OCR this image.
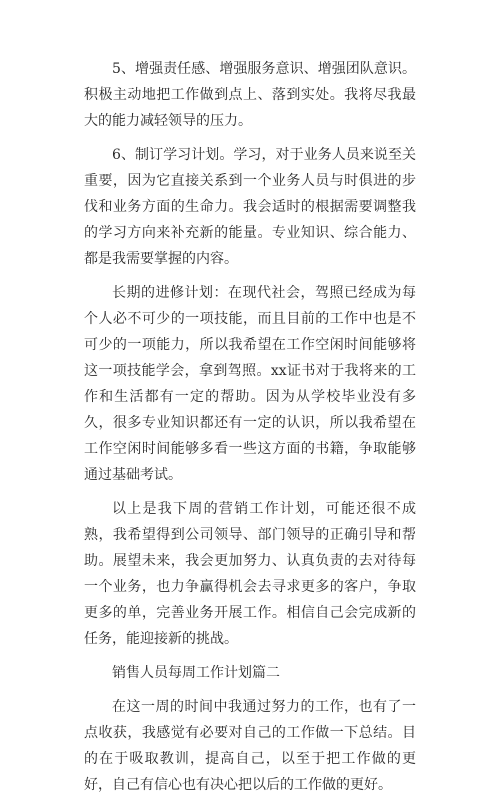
5、增强责任感、增强服务意识、增强团队意识。积极主动地把工作做到点上、落到实处。我将尽我最大的能力减轻领导的压力。

6、制订学习计划。学习，对于业务人员来说至关重要，因为它直接关系到一个业务人员与时俱进的步伐和业务方面的生命力。我会适时的根据需要调整我的学习方向来补充新的能量。专业知识、综合能力、都是我需要掌握的内容。

长期的进修计划：在现代社会，驾照已经成为每个人必不可少的一项技能，而且目前的工作中也是不可少的一项能力，所以我希望在工作空闲时间能够将这一项技能学会，拿到驾照。xx证书对于我将来的工作和生活都有一定的帮助。因为从学校毕业没有多久，很多专业知识都还有一定的认识，所以我希望在工作空闲时间能够多看一些这方面的书籍，争取能够通过基础考试。

以上是我下周的营销工作计划，可能还很不成熟，我希望得到公司领导、部门领导的正确引导和帮助。展望未来，我会更加努力、认真负责的去对待每一个业务，也力争赢得机会去寻求更多的客户，争取更多的单，完善业务开展工作。相信自己会完成新的任务，能迎接新的挑战。

销售人员每周工作计划篇二

在这一周的时间中我通过努力的工作，也有了一点收获，我感觉有必要对自己的工作做一下总结。目的在于吸取教训，提高自己，以至于把工作做的更好，自己有信心也有决心把以后的工作做的更好。
